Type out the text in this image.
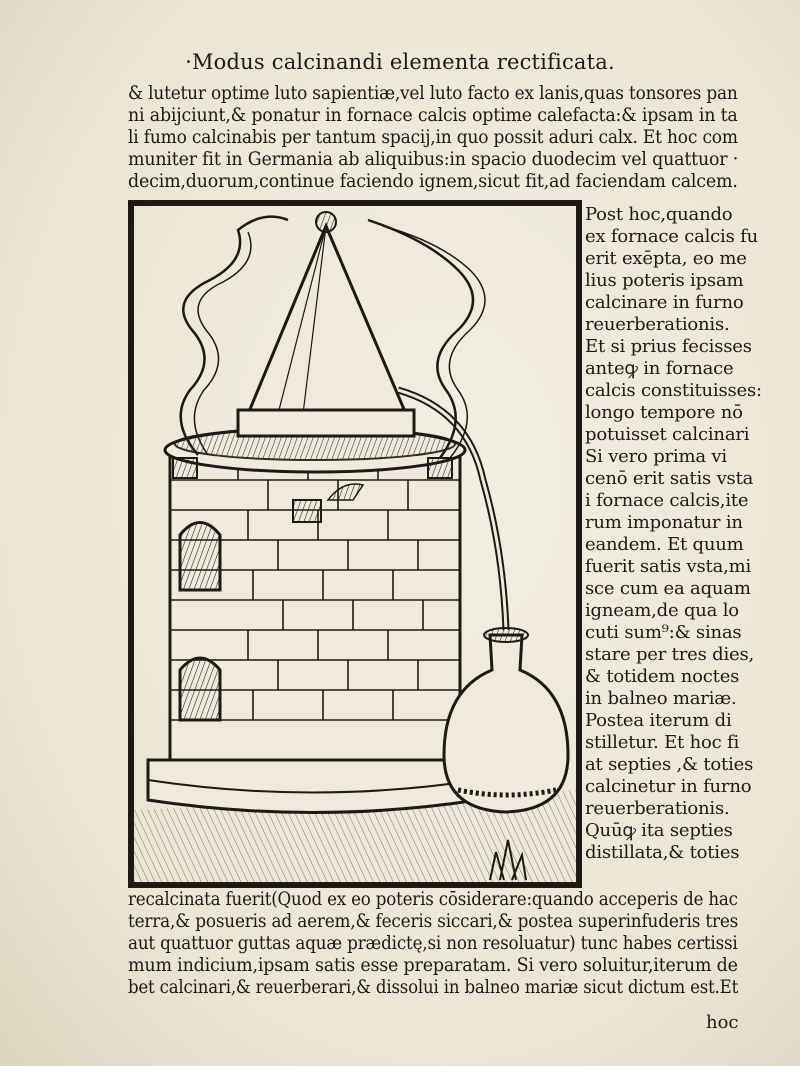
·Modus calcinandi elementa rectificata.
& lutetur optime luto sapientiæ,vel luto facto ex lanis,quas tonsores pan
ni abijciunt,& ponatur in fornace calcis optime calefacta:& ipsam in ta
li fumo calcinabis per tantum spacij,in quo possit aduri calx. Et hoc com
muniter fit in Germania ab aliquibus:in spacio duodecim vel quattuor ·
decim,duorum,continue faciendo ignem,sicut fit,ad faciendam calcem.
Post hoc,quando
ex fornace calcis fu
erit exēpta, eo me
lius poteris ipsam
calcinare in furno
reuerberationis.
Et si prius fecisses
anteꝙ in fornace
calcis constituisses:
longo tempore nō
potuisset calcinari
Si vero prima vi
cenō erit satis vsta
i fornace calcis,ite
rum imponatur in
eandem. Et quum
fuerit satis vsta,mi
sce cum ea aquam
igneam,de qua lo
cuti sum⁹:& sinas
stare per tres dies,
& totidem noctes
in balneo mariæ.
Postea iterum di
stilletur. Et hoc fi
at septies ,& toties
calcinetur in furno
reuerberationis.
Quūꝙ ita septies
distillata,& toties
recalcinata fuerit(Quod ex eo poteris cōsiderare:quando acceperis de hac
terra,& posueris ad aerem,& feceris siccari,& postea superinfuderis tres
aut quattuor guttas aquæ prædictę,si non resoluatur) tunc habes certissi
mum indicium,ipsam satis esse preparatam. Si vero soluitur,iterum de
bet calcinari,& reuerberari,& dissolui in balneo mariæ sicut dictum est.Et
hoc
